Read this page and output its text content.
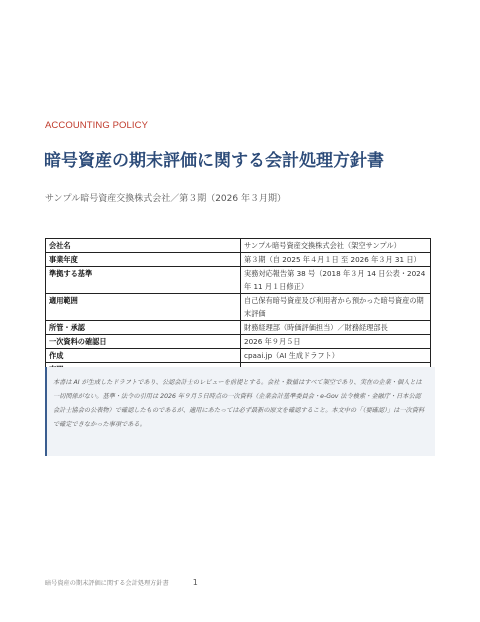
ACCOUNTING POLICY
暗号資産の期末評価に関する会計処理方針書
サンプル暗号資産交換株式会社／第３期（2026 年３月期）
会社名	サンプル暗号資産交換株式会社（架空サンプル）
事業年度	第３期（自 2025 年４月１日 至 2026 年３月 31 日）
準拠する基準	実務対応報告第 38 号（2018 年３月 14 日公表・2024 年 11 月１日修正）
適用範囲	自己保有暗号資産及び利用者から預かった暗号資産の期末評価
所管・承認	財務経理部（時価評価担当）／財務経理部長
一次資料の確認日	2026 年９月５日
作成	cpaai.jp（AI 生成ドラフト）

本書は AI が生成したドラフトであり、公認会計士のレビューを前提とする。会社・数値はすべて架空であり、実在の企業・個人とは一切関係がない。基準・法令の引用は 2026 年９月５日時点の一次資料（企業会計基準委員会・e-Gov 法令検索・金融庁・日本公認会計士協会の公表物）で確認したものであるが、適用にあたっては必ず最新の原文を確認すること。本文中の「（要確認）」は一次資料で確定できなかった事項である。
暗号資産の期末評価に関する会計処理方針書	1
